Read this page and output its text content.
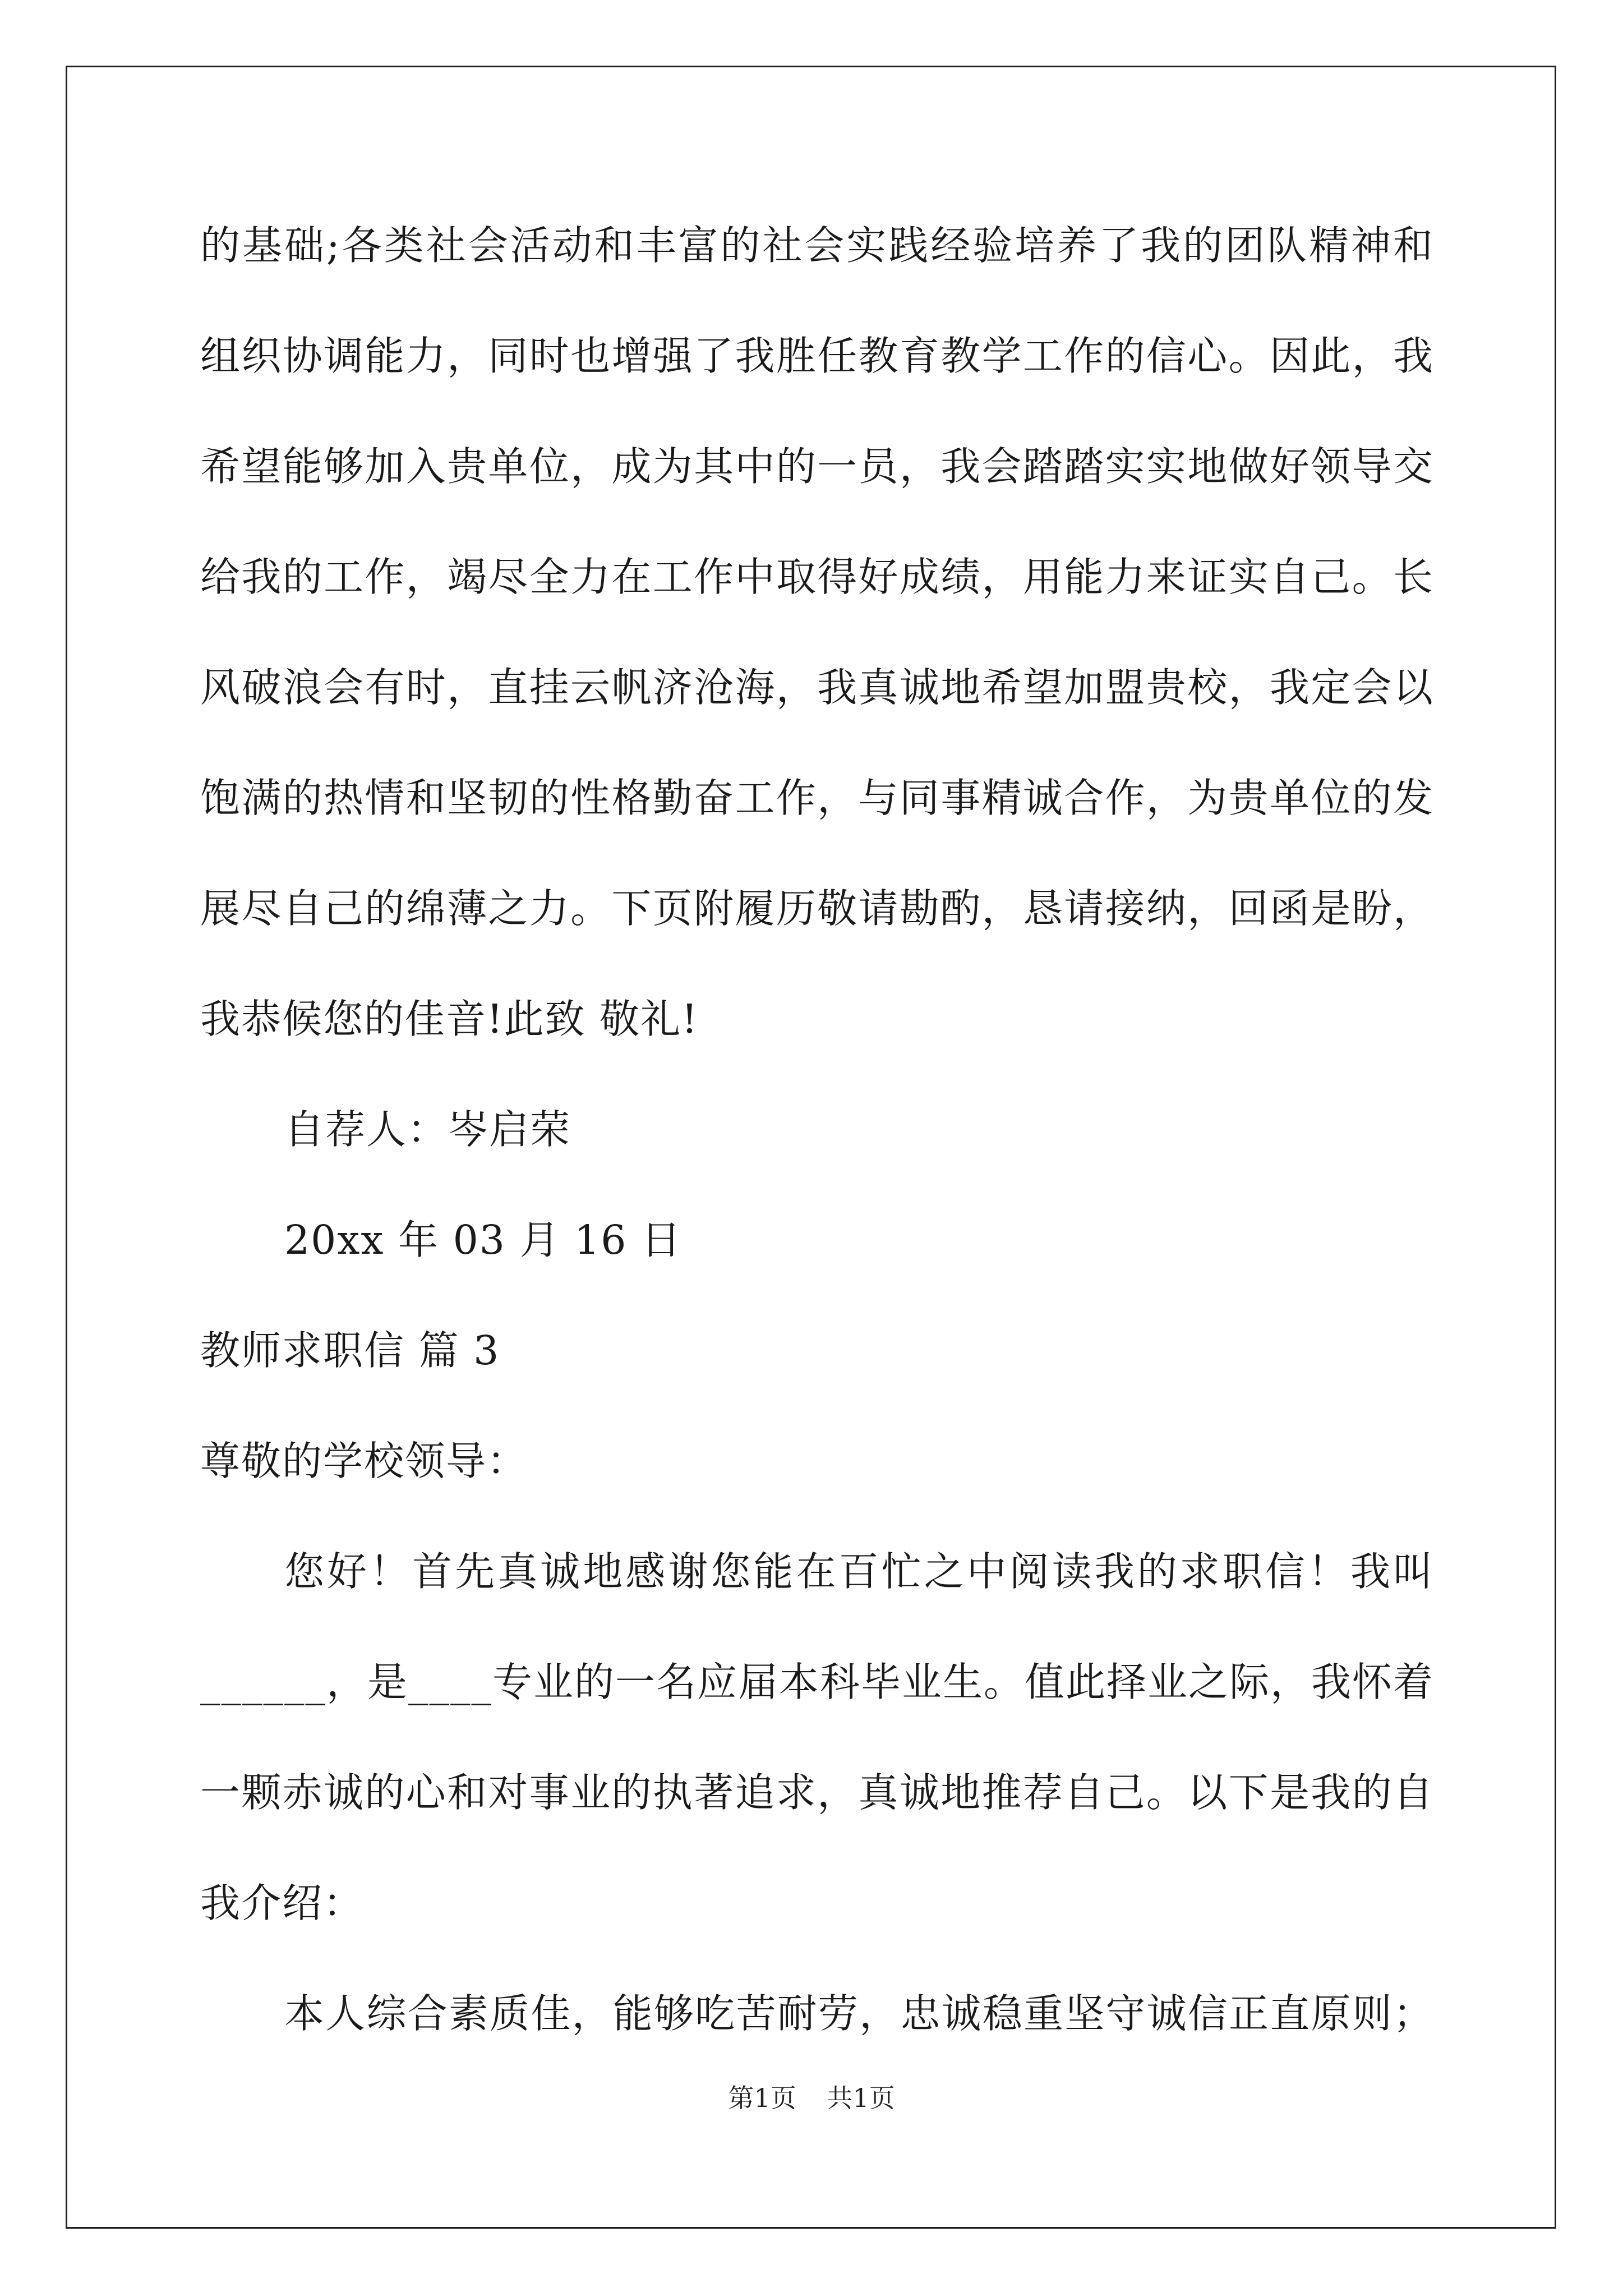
的基础;各类社会活动和丰富的社会实践经验培养了我的团队精神和
组织协调能力，同时也增强了我胜任教育教学工作的信心。因此，我
希望能够加入贵单位，成为其中的一员，我会踏踏实实地做好领导交
给我的工作，竭尽全力在工作中取得好成绩，用能力来证实自己。长
风破浪会有时，直挂云帆济沧海，我真诚地希望加盟贵校，我定会以
饱满的热情和坚韧的性格勤奋工作，与同事精诚合作，为贵单位的发
展尽自己的绵薄之力。下页附履历敬请勘酌，恳请接纳，回函是盼，
我恭候您的佳音!此致 敬礼!
自荐人：岑启荣
20xx 年 03 月 16 日
教师求职信 篇 3
尊敬的学校领导：
您好！首先真诚地感谢您能在百忙之中阅读我的求职信！我叫
______，是____专业的一名应届本科毕业生。值此择业之际，我怀着
一颗赤诚的心和对事业的执著追求，真诚地推荐自己。以下是我的自
我介绍：
本人综合素质佳，能够吃苦耐劳，忠诚稳重坚守诚信正直原则；
第1页 共1页
